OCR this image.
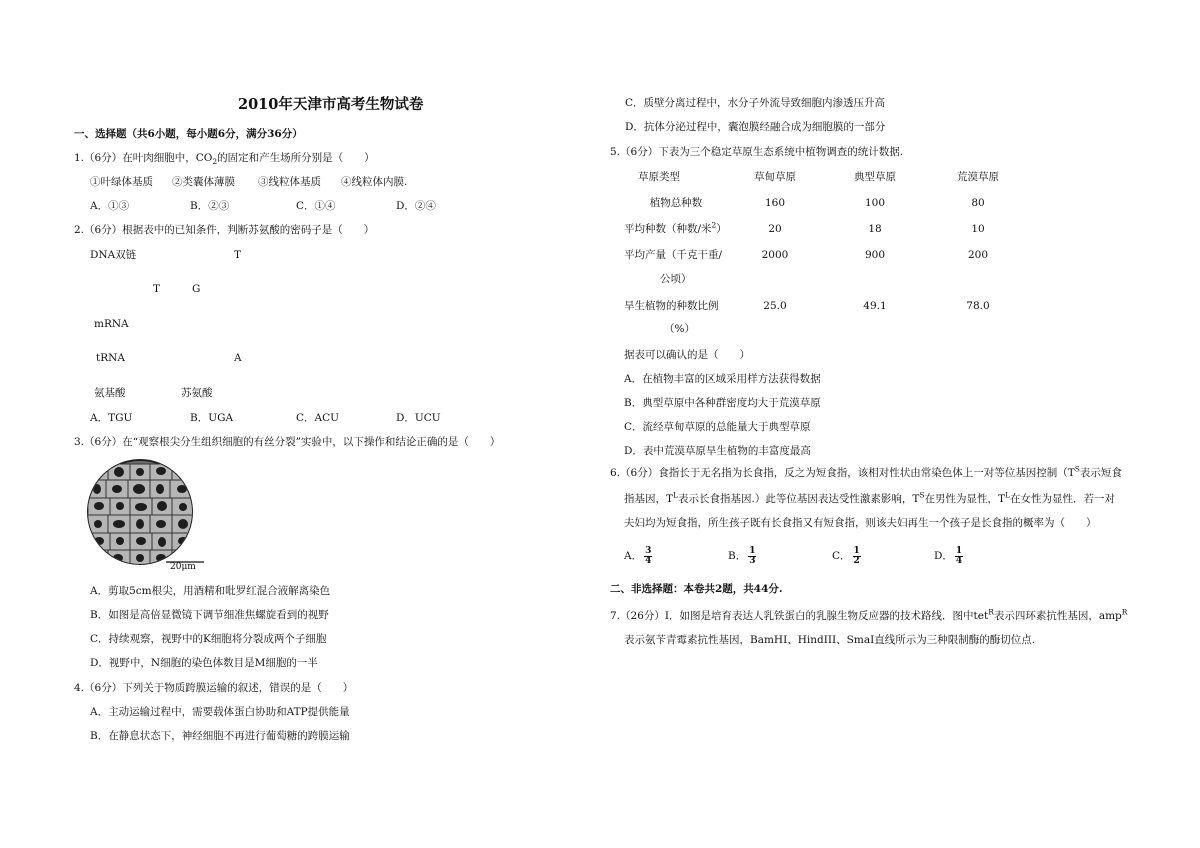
2010年天津市高考生物试卷
一、选择题（共6小题，每小题6分，满分36分）
1.（6分）在叶肉细胞中，$CO_2$的固定和产生场所分别是（　　）
①叶绿体基质 ②类囊体薄膜 ③线粒体基质 ④线粒体内膜.
A．①③	B．②③	C．①④	D．②④
2.（6分）根据表中的已知条件，判断苏氨酸的密码子是（　　）
DNA双链	T
T	G
mRNA
tRNA	A
氨基酸	苏氨酸
A．TGU	B．UGA	C．ACU	D．UCU
3.（6分）在“观察根尖分生组织细胞的有丝分裂”实验中，以下操作和结论正确的是（　　）
20μm
A．剪取5cm根尖，用酒精和吡罗红混合液解离染色
B．如图是高倍显微镜下调节细准焦螺旋看到的视野
C．持续观察，视野中的K细胞将分裂成两个子细胞
D．视野中，N细胞的染色体数目是M细胞的一半
4.（6分）下列关于物质跨膜运输的叙述，错误的是（　　）
A．主动运输过程中，需要载体蛋白协助和ATP提供能量
B．在静息状态下，神经细胞不再进行葡萄糖的跨膜运输
C．质壁分离过程中，水分子外流导致细胞内渗透压升高
D．抗体分泌过程中，囊泡膜经融合成为细胞膜的一部分
5.（6分）下表为三个稳定草原生态系统中植物调查的统计数据.
草原类型	草甸草原	典型草原	荒漠草原
植物总种数	160	100	80
平均种数（种数/米$^2$）	20	18	10
平均产量（千克干重/
公顷）
2000	900	200
旱生植物的种数比例
（%）
25.0	49.1	78.0
据表可以确认的是（　　）
A．在植物丰富的区域采用样方法获得数据
B．典型草原中各种群密度均大于荒漠草原
C．流经草甸草原的总能量大于典型草原
D．表中荒漠草原旱生植物的丰富度最高
6.（6分）食指长于无名指为长食指，反之为短食指，该相对性状由常染色体上一对等位基因控制（$T^S$表示短食
指基因，$T^L$表示长食指基因.）此等位基因表达受性激素影响，$T^S$在男性为显性，$T^L$在女性为显性．若一对
夫妇均为短食指，所生孩子既有长食指又有短食指，则该夫妇再生一个孩子是长食指的概率为（　　）
A． $\frac{3}{4}$	B． $\frac{1}{3}$	C． $\frac{1}{2}$	D． $\frac{1}{4}$
二、非选择题：本卷共2题，共44分.
7.（26分）Ⅰ．如图是培育表达人乳铁蛋白的乳腺生物反应器的技术路线．图中tet$^R$表示四环素抗性基因，amp$^R$
表示氨苄青霉素抗性基因，BamHI、HindIII、SmaI直线所示为三种限制酶的酶切位点.
